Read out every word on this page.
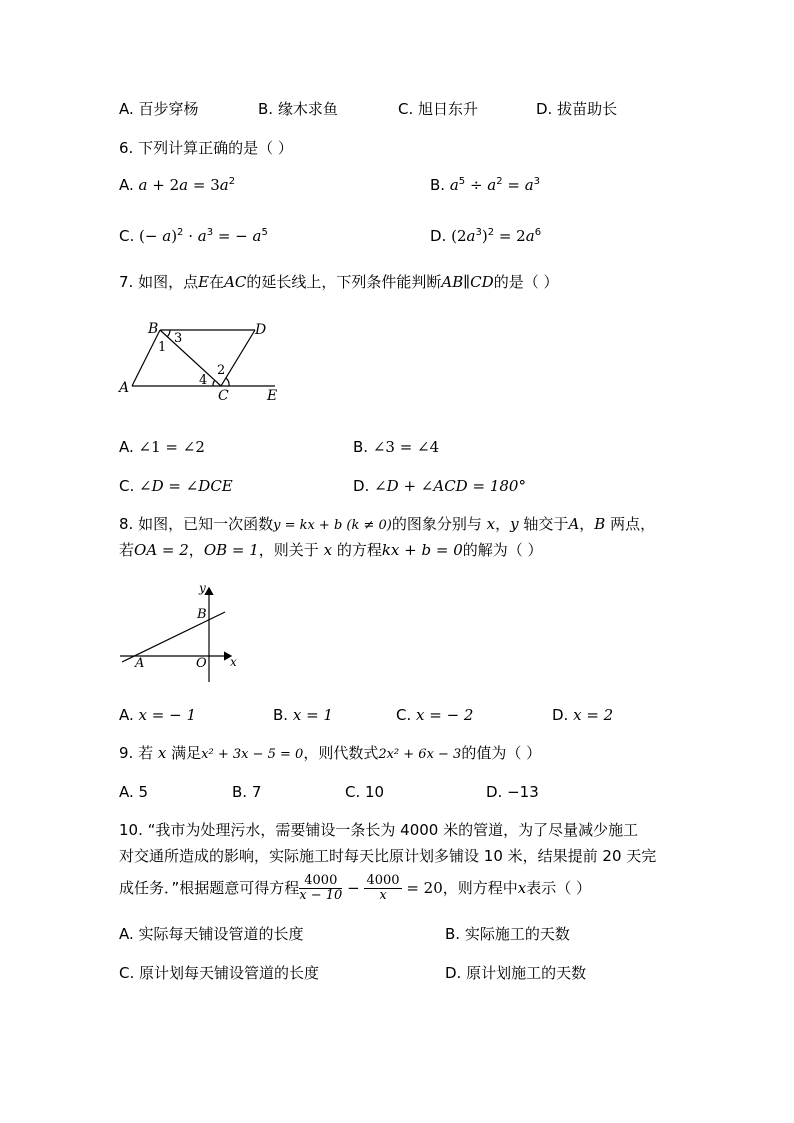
A. 百步穿杨	B. 缘木求鱼	C. 旭日东升	D. 拔苗助长
6. 下列计算正确的是（ ）
A. $a + 2a = 3a^2$	B. $a^5 \div a^2 = a^3$
C. (− $a)^2 \cdot a^3$ = − $a^5$	D. $(2a^3)^2 = 2a^6$
7. 如图，点E在AC的延长线上，下列条件能判断AB∥CD的是（ ）
B	D
A	C	E
1
3
2
4
A. ∠1 = ∠2	B. ∠3 = ∠4
C. ∠D = ∠DCE	D. ∠D + ∠ACD = 180°
8. 如图，已知一次函数y = kx + b (k ≠ 0)的图象分别与 x，y 轴交于A，B 两点，
若OA = 2，OB = 1，则关于 x 的方程kx + b = 0的解为（ ）
y
x
B
A	O
A. x = − 1	B. x = 1	C. x = − 2	D. x = 2
9. 若 x 满足x² + 3x − 5 = 0，则代数式2x² + 6x − 3的值为（ ）
A. 5	B. 7	C. 10	D. −13
10. “我市为处理污水，需要铺设一条长为 4000 米的管道，为了尽量减少施工
对交通所造成的影响，实际施工时每天比原计划多铺设 10 米，结果提前 20 天完
成任务．”根据题意可得方程 $\frac{4000}{x - 10} - \frac{4000}{x} = 20$，则方程中x表示（ ）
A. 实际每天铺设管道的长度	B. 实际施工的天数
C. 原计划每天铺设管道的长度	D. 原计划施工的天数
